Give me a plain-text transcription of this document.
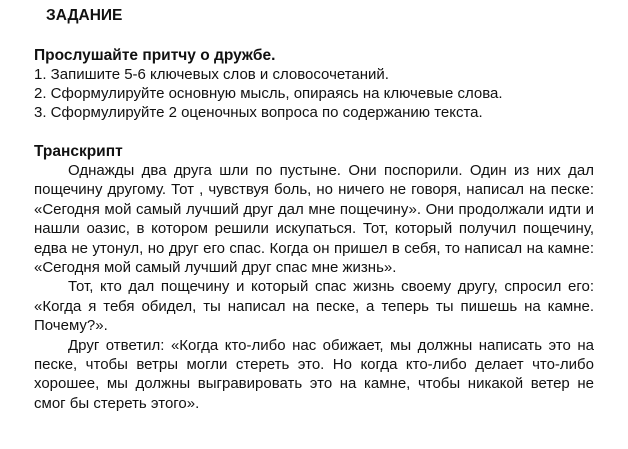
ЗАДАНИЕ

Прослушайте притчу о дружбе.

1. Запишите 5-6 ключевых слов и словосочетаний.
2. Сформулируйте основную мысль, опираясь на ключевые слова.
3. Сформулируйте 2 оценочных вопроса по содержанию текста.

Транскрипт

Однажды два друга шли по пустыне. Они поспорили. Один из них дал пощечину другому. Тот , чувствуя боль, но ничего не говоря, написал на песке: «Сегодня мой самый лучший друг дал мне пощечину». Они продолжали идти и нашли оазис, в котором решили искупаться. Тот, который получил пощечину, едва не утонул, но друг его спас. Когда он пришел в себя, то написал на камне: «Сегодня мой самый лучший друг спас мне жизнь».

Тот, кто дал пощечину и который спас жизнь своему другу, спросил его: «Когда я тебя обидел, ты написал на песке, а теперь ты пишешь на камне. Почему?».

Друг ответил: «Когда кто-либо нас обижает, мы должны написать это на песке, чтобы ветры могли стереть это. Но когда кто-либо делает что-либо хорошее, мы должны выгравировать это на камне, чтобы никакой ветер не смог бы стереть этого».
